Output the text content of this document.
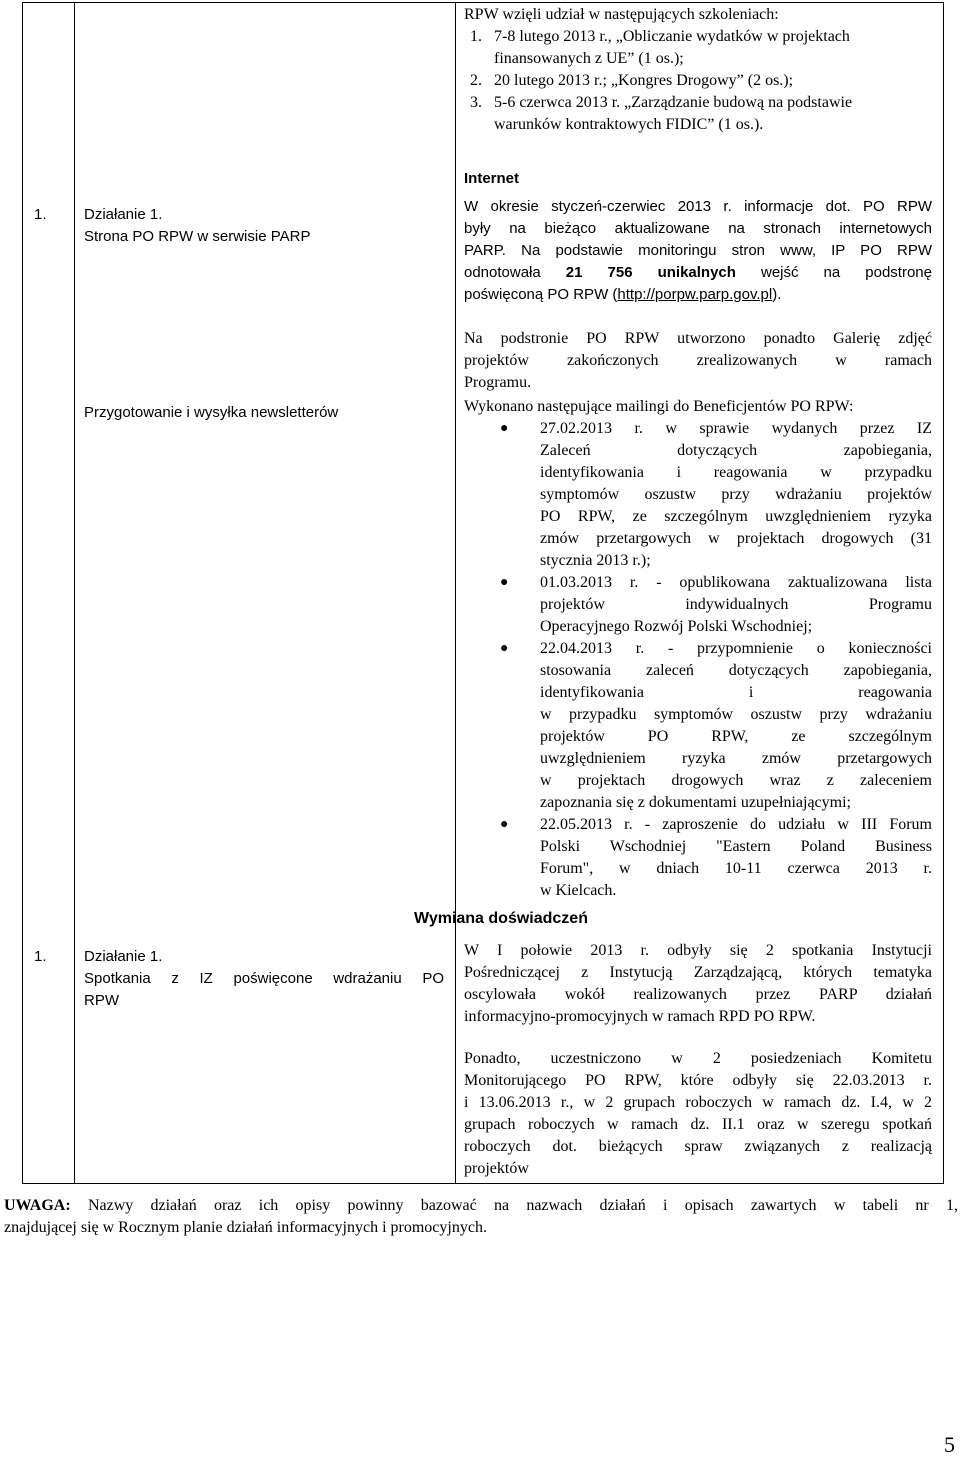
RPW wzięli udział w następujących szkoleniach:

1. 7-8 lutego 2013 r., „Obliczanie wydatków w projektach
finansowanych z UE” (1 os.);
2. 20 lutego 2013 r.; „Kongres Drogowy” (2 os.);
3. 5-6 czerwca 2013 r. „Zarządzanie budową na podstawie
warunków kontraktowych FIDIC” (1 os.).
Internet
1. Działanie 1.
Strona PO RPW w serwisie PARP

W okresie styczeń-czerwiec 2013 r. informacje dot. PO RPW

były na bieżąco aktualizowane na stronach internetowych

PARP. Na podstawie monitoringu stron www, IP PO RPW

odnotowała 21 756 unikalnych wejść na podstronę

poświęconą PO RPW (http://porpw.parp.gov.pl).

Na podstronie PO RPW utworzono ponadto Galerię zdjęć

projektów zakończonych zrealizowanych w ramach

Programu.

Przygotowanie i wysyłka newsletterów	Wykonano następujące mailingi do Beneficjentów PO RPW:
● 27.02.2013 r. w sprawie wydanych przez IZ

Zaleceń dotyczących zapobiegania,

identyfikowania i reagowania w przypadku

symptomów oszustw przy wdrażaniu projektów

PO RPW, ze szczególnym uwzględnieniem ryzyka

zmów przetargowych w projektach drogowych (31

stycznia 2013 r.);

● 01.03.2013 r. - opublikowana zaktualizowana lista

projektów indywidualnych Programu

Operacyjnego Rozwój Polski Wschodniej;

● 22.04.2013 r. - przypomnienie o konieczności

stosowania zaleceń dotyczących zapobiegania,

identyfikowania i reagowania

w przypadku symptomów oszustw przy wdrażaniu

projektów PO RPW, ze szczególnym

uwzględnieniem ryzyka zmów przetargowych

w projektach drogowych wraz z zaleceniem

zapoznania się z dokumentami uzupełniającymi;

● 22.05.2013 r. - zaproszenie do udziału w III Forum

Polski Wschodniej "Eastern Poland Business

Forum", w dniach 10-11 czerwca 2013 r.

w Kielcach.

Wymiana doświadczeń
1. Działanie 1.

Spotkania z IZ poświęcone wdrażaniu PO

RPW

W I połowie 2013 r. odbyły się 2 spotkania Instytucji

Pośredniczącej z Instytucją Zarządzającą, których tematyka

oscylowała wokół realizowanych przez PARP działań

informacyjno-promocyjnych w ramach RPD PO RPW.

Ponadto, uczestniczono w 2 posiedzeniach Komitetu

Monitorującego PO RPW, które odbyły się 22.03.2013 r.

i 13.06.2013 r., w 2 grupach roboczych w ramach dz. I.4, w 2

grupach roboczych w ramach dz. II.1 oraz w szeregu spotkań

roboczych dot. bieżących spraw związanych z realizacją

projektów

UWAGA: Nazwy działań oraz ich opisy powinny bazować na nazwach działań i opisach zawartych w tabeli nr 1,

znajdującej się w Rocznym planie działań informacyjnych i promocyjnych.

5
